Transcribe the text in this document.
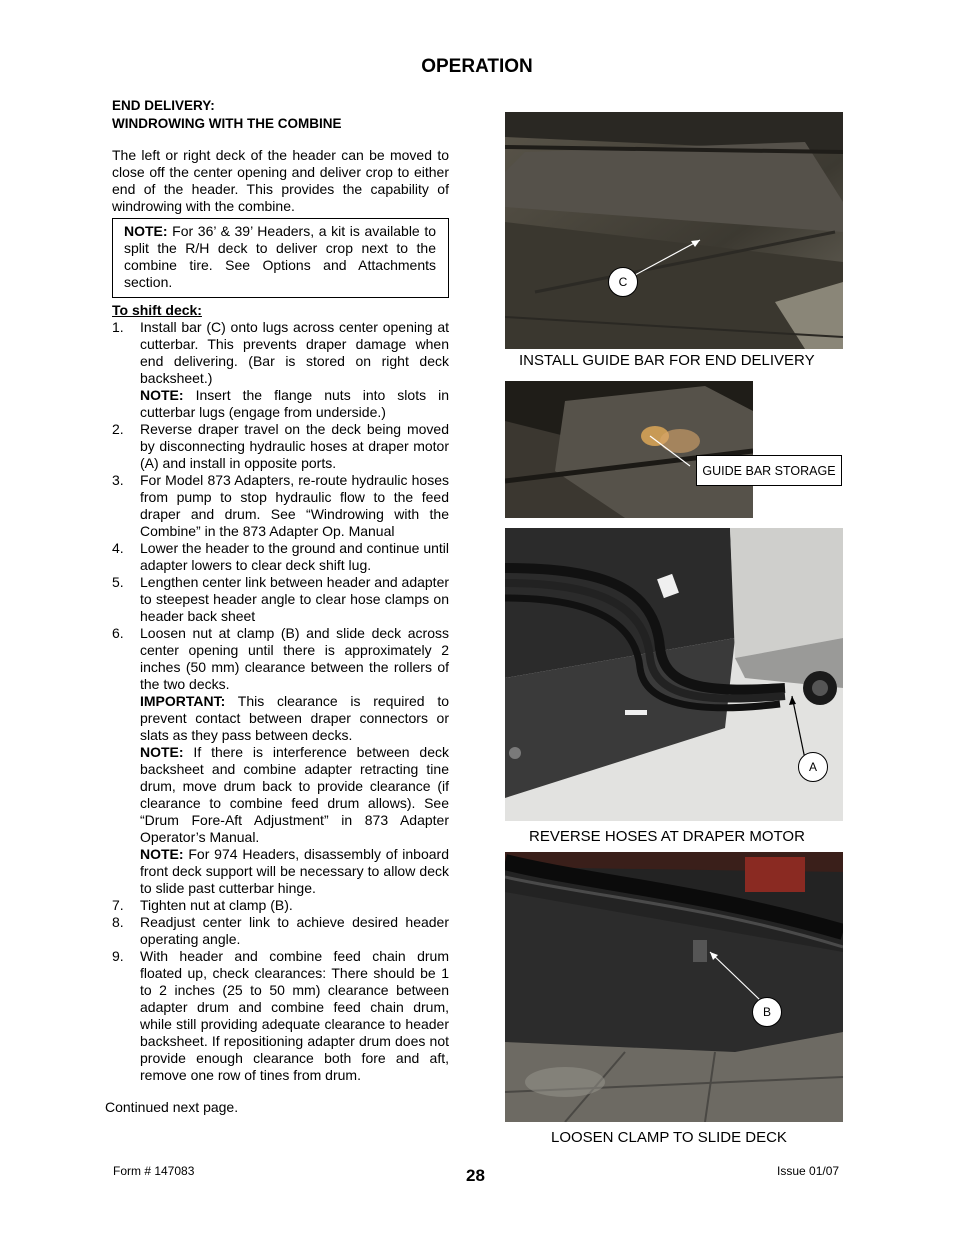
OPERATION
END DELIVERY:
WINDROWING WITH THE COMBINE
The left or right deck of the header can be moved to close off the center opening and deliver crop to either end of the header. This provides the capability of windrowing with the combine.
NOTE: For 36’ & 39’ Headers, a kit is available to split the R/H deck to deliver crop next to the combine tire. See Options and Attachments section.
To shift deck:
1.	Install bar (C) onto lugs across center opening at cutterbar. This prevents draper damage when end delivering. (Bar is stored on right deck backsheet.)
NOTE: Insert the flange nuts into slots in cutterbar lugs (engage from underside.)
2.	Reverse draper travel on the deck being moved by disconnecting hydraulic hoses at draper motor (A) and install in opposite ports.
3.	For Model 873 Adapters, re-route hydraulic hoses from pump to stop hydraulic flow to the feed draper and drum. See “Windrowing with the Combine” in the 873 Adapter Op. Manual
4.	Lower the header to the ground and continue until adapter lowers to clear deck shift lug.
5.	Lengthen center link between header and adapter to steepest header angle to clear hose clamps on header back sheet
6.	Loosen nut at clamp (B) and slide deck across center opening until there is approximately 2 inches (50 mm) clearance between the rollers of the two decks.
IMPORTANT: This clearance is required to prevent contact between draper connectors or slats as they pass between decks.
NOTE: If there is interference between deck backsheet and combine adapter retracting tine drum, move drum back to provide clearance (if clearance to combine feed drum allows). See “Drum Fore-Aft Adjustment” in 873 Adapter Operator’s Manual.
NOTE: For 974 Headers, disassembly of inboard front deck support will be necessary to allow deck to slide past cutterbar hinge.
7.	Tighten nut at clamp (B).
8.	Readjust center link to achieve desired header operating angle.
9.	With header and combine feed chain drum floated up, check clearances: There should be 1 to 2 inches (25 to 50 mm) clearance between adapter drum and combine feed chain drum, while still providing adequate clearance to header backsheet. If repositioning adapter drum does not provide enough clearance both fore and aft, remove one row of tines from drum.
Continued next page.
C
INSTALL GUIDE BAR FOR END DELIVERY
GUIDE BAR STORAGE
A
REVERSE HOSES AT DRAPER MOTOR
B
LOOSEN CLAMP TO SLIDE DECK
Form # 147083	28	Issue 01/07
